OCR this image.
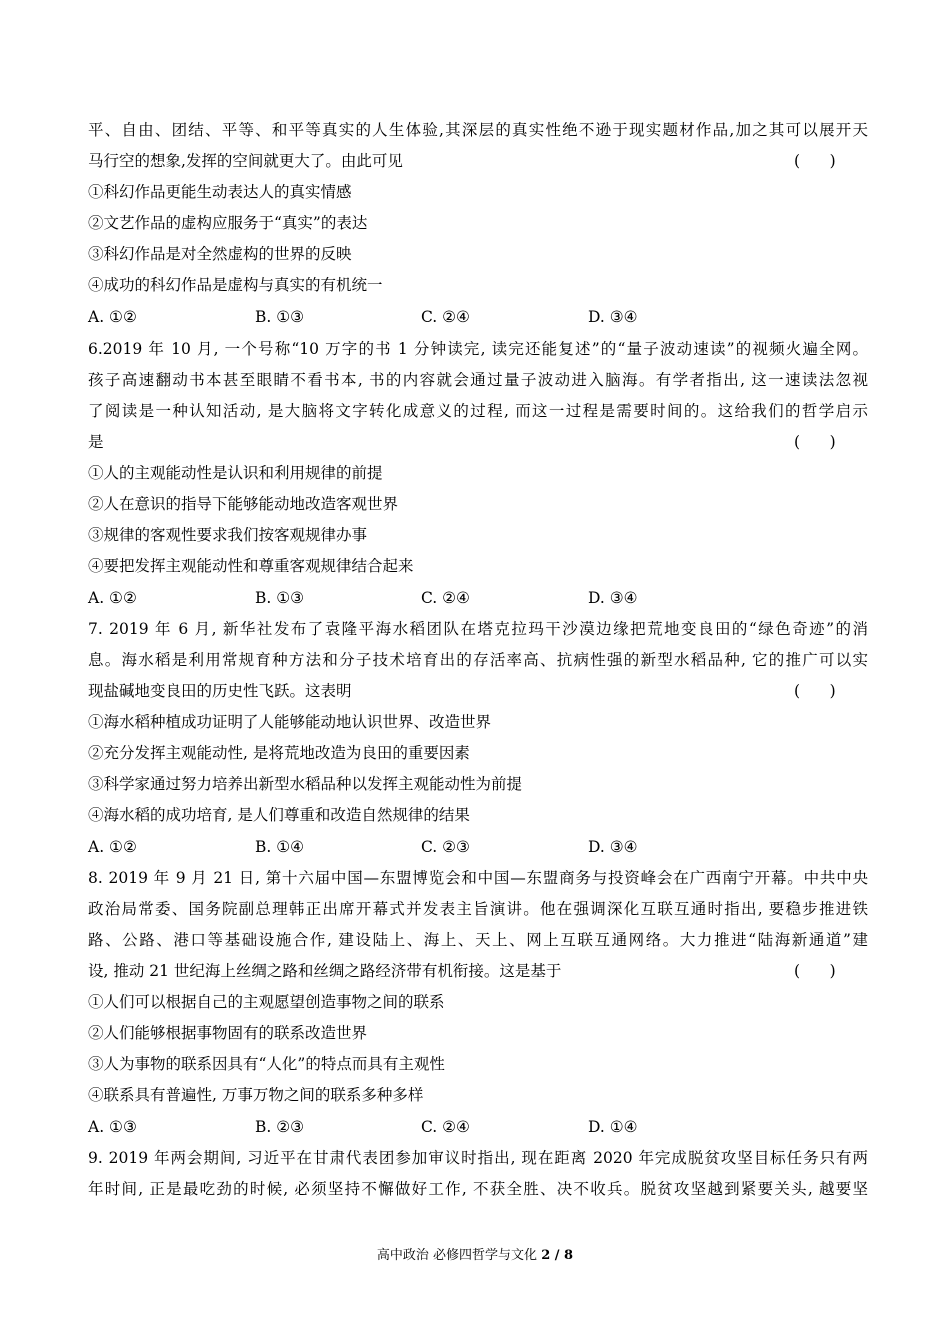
平、自由、团结、平等、和平等真实的人生体验,其深层的真实性绝不逊于现实题材作品,加之其可以展开天
马行空的想象,发挥的空间就更大了。由此可见	(      )
①科幻作品更能生动表达人的真实情感
②文艺作品的虚构应服务于“真实”的表达
③科幻作品是对全然虚构的世界的反映
④成功的科幻作品是虚构与真实的有机统一
A. ①②	B. ①③	C. ②④	D. ③④
6.2019 年 10 月, 一个号称“10 万字的书 1 分钟读完, 读完还能复述”的“量子波动速读”的视频火遍全网。
孩子高速翻动书本甚至眼睛不看书本, 书的内容就会通过量子波动进入脑海。有学者指出, 这一速读法忽视
了阅读是一种认知活动, 是大脑将文字转化成意义的过程, 而这一过程是需要时间的。这给我们的哲学启示
是	(      )
①人的主观能动性是认识和利用规律的前提
②人在意识的指导下能够能动地改造客观世界
③规律的客观性要求我们按客观规律办事
④要把发挥主观能动性和尊重客观规律结合起来
A. ①②	B. ①③	C. ②④	D. ③④
7. 2019 年 6 月, 新华社发布了袁隆平海水稻团队在塔克拉玛干沙漠边缘把荒地变良田的“绿色奇迹”的消
息。海水稻是利用常规育种方法和分子技术培育出的存活率高、抗病性强的新型水稻品种, 它的推广可以实
现盐碱地变良田的历史性飞跃。这表明	(      )
①海水稻种植成功证明了人能够能动地认识世界、改造世界
②充分发挥主观能动性, 是将荒地改造为良田的重要因素
③科学家通过努力培养出新型水稻品种以发挥主观能动性为前提
④海水稻的成功培育, 是人们尊重和改造自然规律的结果
A. ①②	B. ①④	C. ②③	D. ③④
8. 2019 年 9 月 21 日, 第十六届中国—东盟博览会和中国—东盟商务与投资峰会在广西南宁开幕。中共中央
政治局常委、国务院副总理韩正出席开幕式并发表主旨演讲。他在强调深化互联互通时指出, 要稳步推进铁
路、公路、港口等基础设施合作, 建设陆上、海上、天上、网上互联互通网络。大力推进“陆海新通道”建
设, 推动 21 世纪海上丝绸之路和丝绸之路经济带有机衔接。这是基于	(      )
①人们可以根据自己的主观愿望创造事物之间的联系
②人们能够根据事物固有的联系改造世界
③人为事物的联系因具有“人化”的特点而具有主观性
④联系具有普遍性, 万事万物之间的联系多种多样
A. ①③	B. ②③	C. ②④	D. ①④
9. 2019 年两会期间, 习近平在甘肃代表团参加审议时指出, 现在距离 2020 年完成脱贫攻坚目标任务只有两
年时间, 正是最吃劲的时候, 必须坚持不懈做好工作, 不获全胜、决不收兵。脱贫攻坚越到紧要关头, 越要坚
高中政治 必修四哲学与文化 2 / 8
